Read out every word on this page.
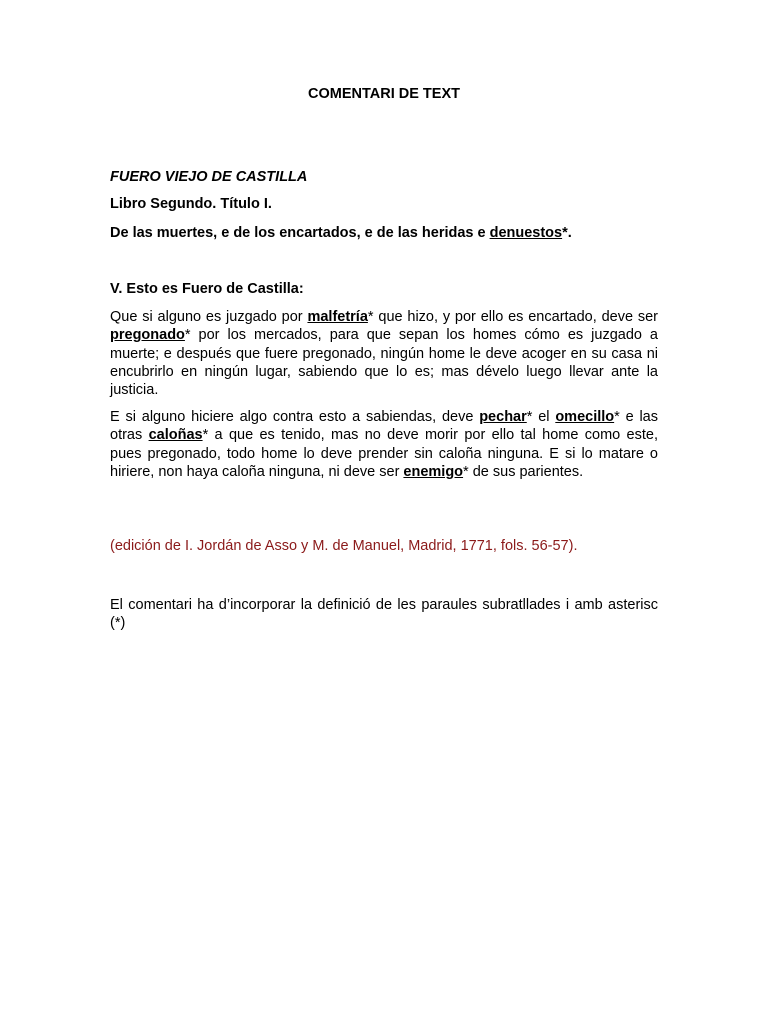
COMENTARI DE TEXT
FUERO VIEJO DE CASTILLA
Libro Segundo. Título I.
De las muertes, e de los encartados, e de las heridas e denuestos*.
V. Esto es Fuero de Castilla:
Que si alguno es juzgado por malfetría* que hizo, y por ello es encartado, deve ser pregonado* por los mercados, para que sepan los homes cómo es juzgado a muerte; e después que fuere pregonado, ningún home le deve acoger en su casa ni encubrirlo en ningún lugar, sabiendo que lo es; mas dévelo luego llevar ante la justicia.
E si alguno hiciere algo contra esto a sabiendas, deve pechar* el omecillo* e las otras caloñas* a que es tenido, mas no deve morir por ello tal home como este, pues pregonado, todo home lo deve prender sin caloña ninguna. E si lo matare o hiriere, non haya caloña ninguna, ni deve ser enemigo* de sus parientes.
(edición de I. Jordán de Asso y M. de Manuel, Madrid, 1771, fols. 56-57).
El comentari ha d’incorporar la definició de les paraules subratllades i amb asterisc (*)
